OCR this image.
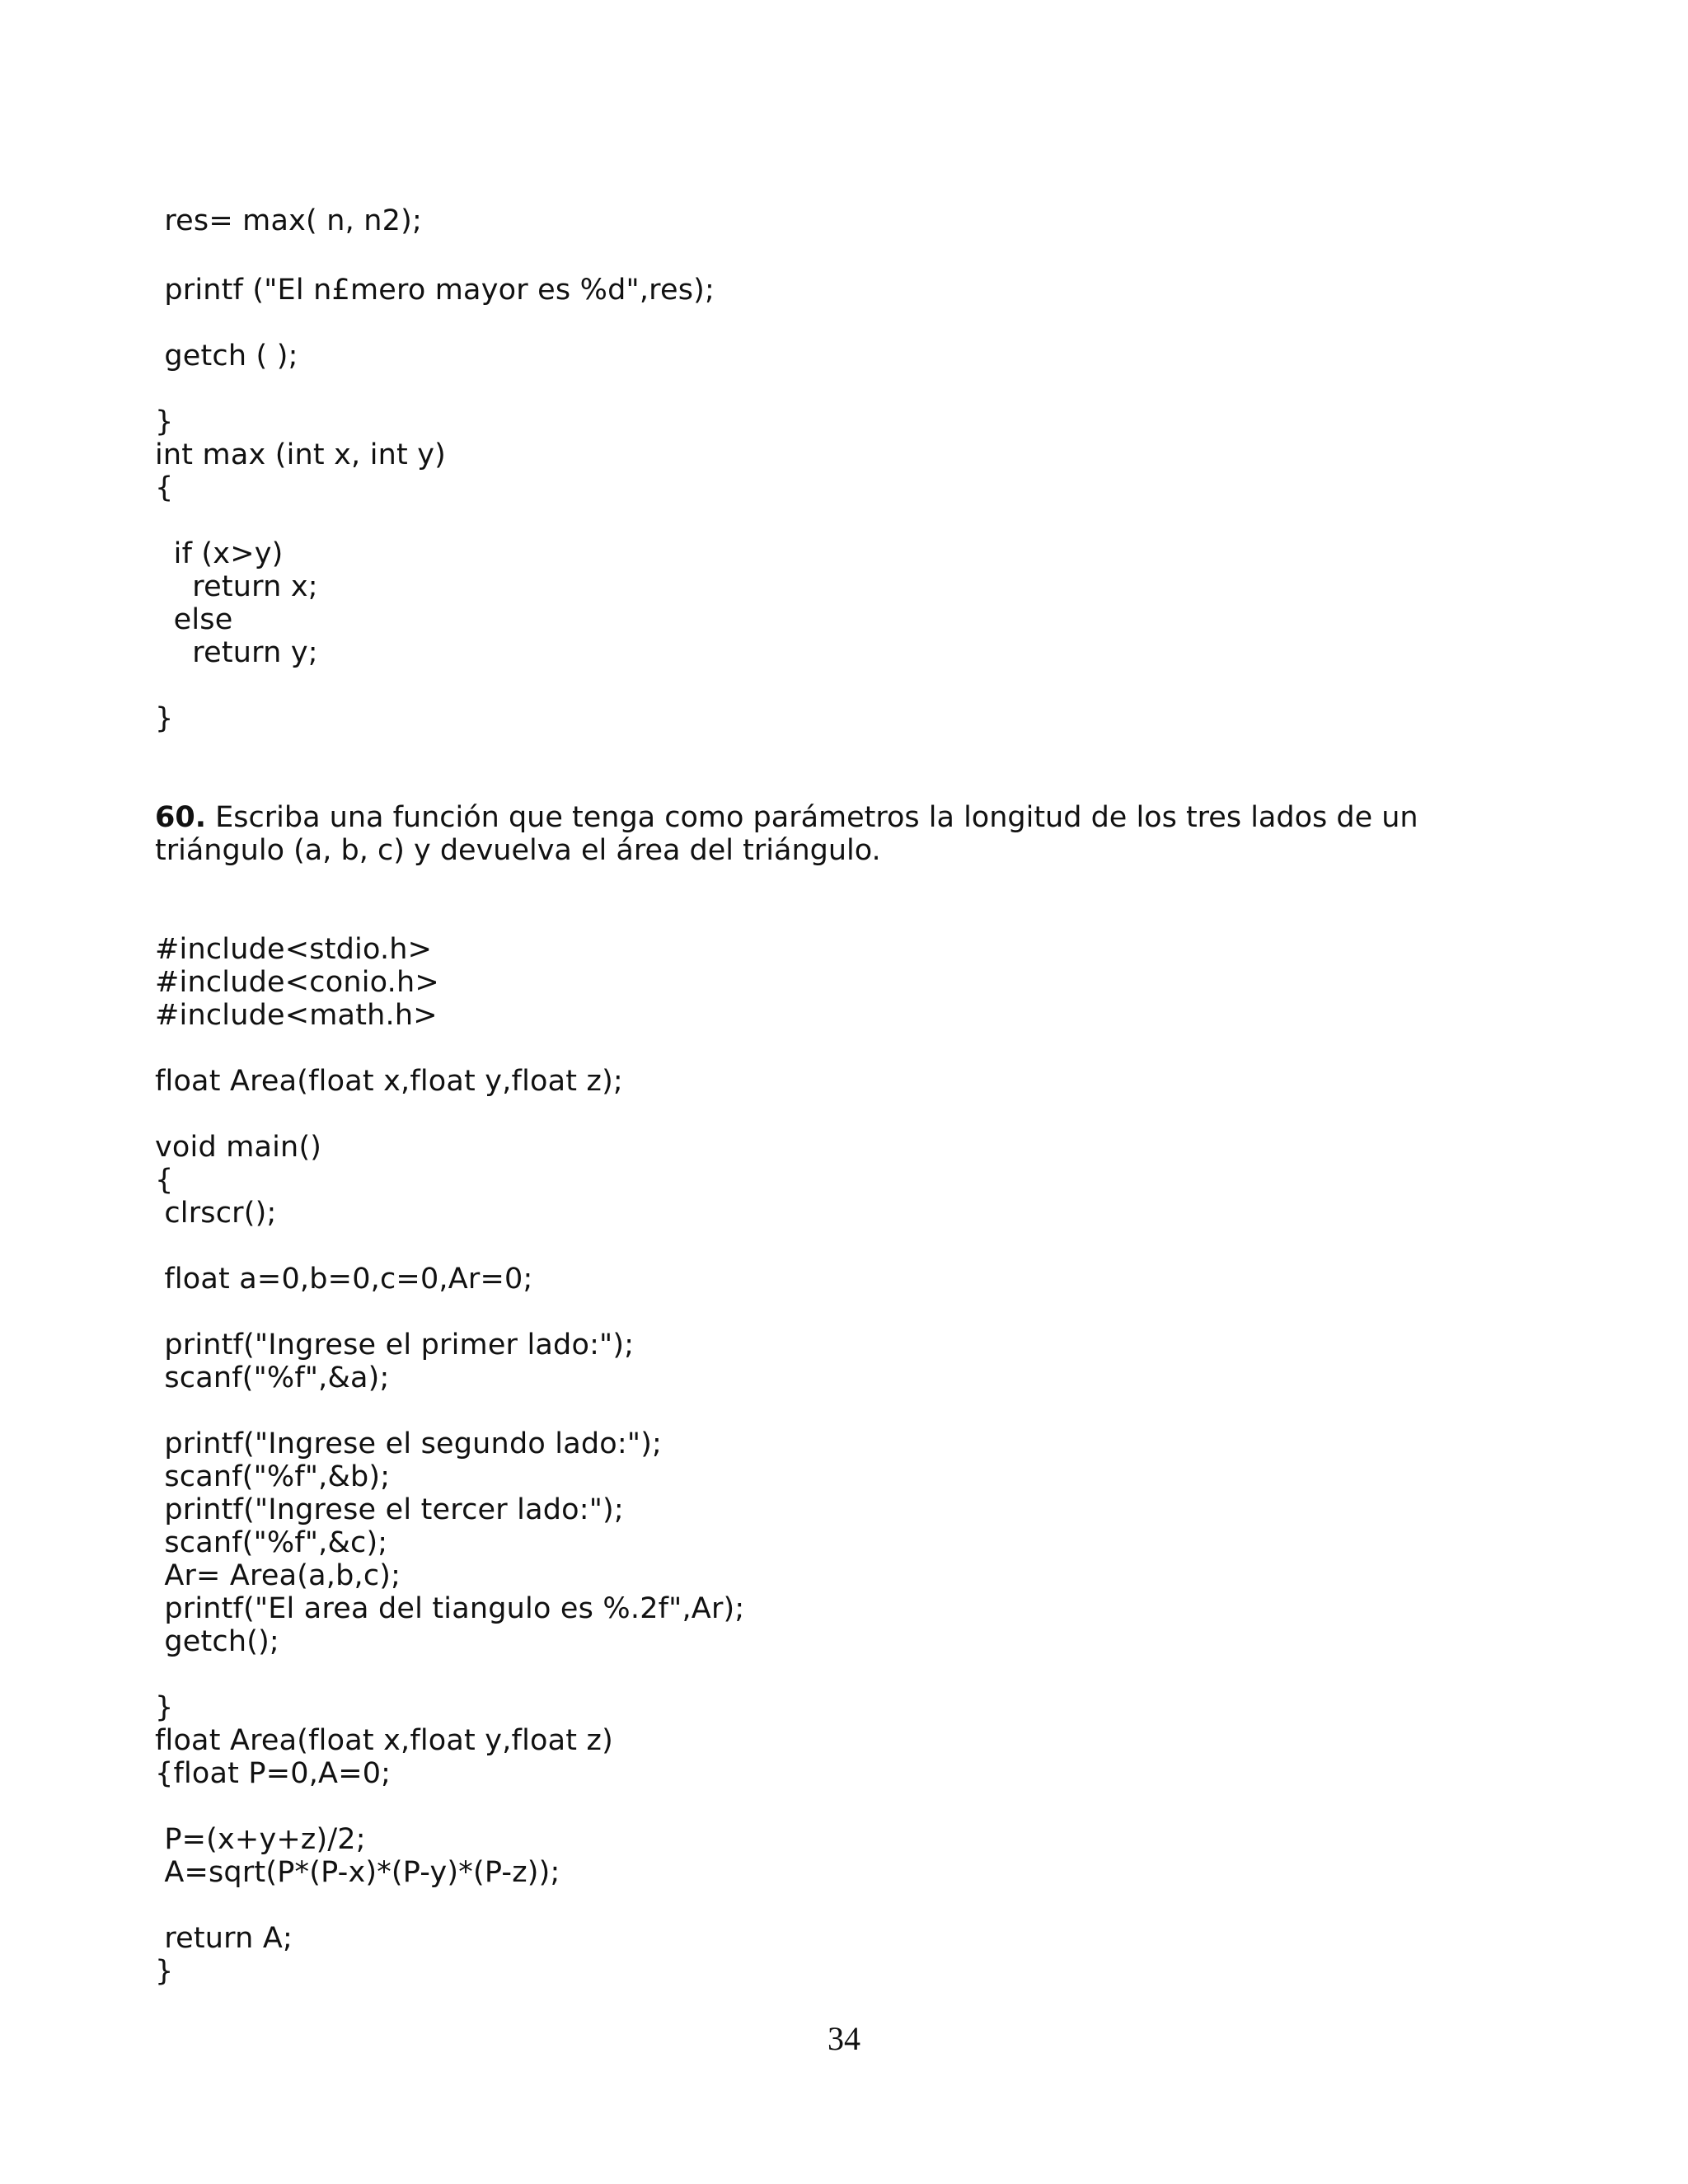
res= max( n, n2);
printf ("El n£mero mayor es %d",res);
getch ( );
}
int max (int x, int y)
{
if (x>y)
return x;
else
return y;
}
60. Escriba una función que tenga como parámetros la longitud de los tres lados de un triángulo (a, b, c) y devuelva el área del triángulo.
#include<stdio.h>
#include<conio.h>
#include<math.h>
float Area(float x,float y,float z);
void main()
{
clrscr();
float a=0,b=0,c=0,Ar=0;
printf("Ingrese el primer lado:");
scanf("%f",&a);
printf("Ingrese el segundo lado:");
scanf("%f",&b);
printf("Ingrese el tercer lado:");
scanf("%f",&c);
Ar= Area(a,b,c);
printf("El area del tiangulo es %.2f",Ar);
getch();
}
float Area(float x,float y,float z)
{float P=0,A=0;
P=(x+y+z)/2;
A=sqrt(P*(P-x)*(P-y)*(P-z));
return A;
}
34
